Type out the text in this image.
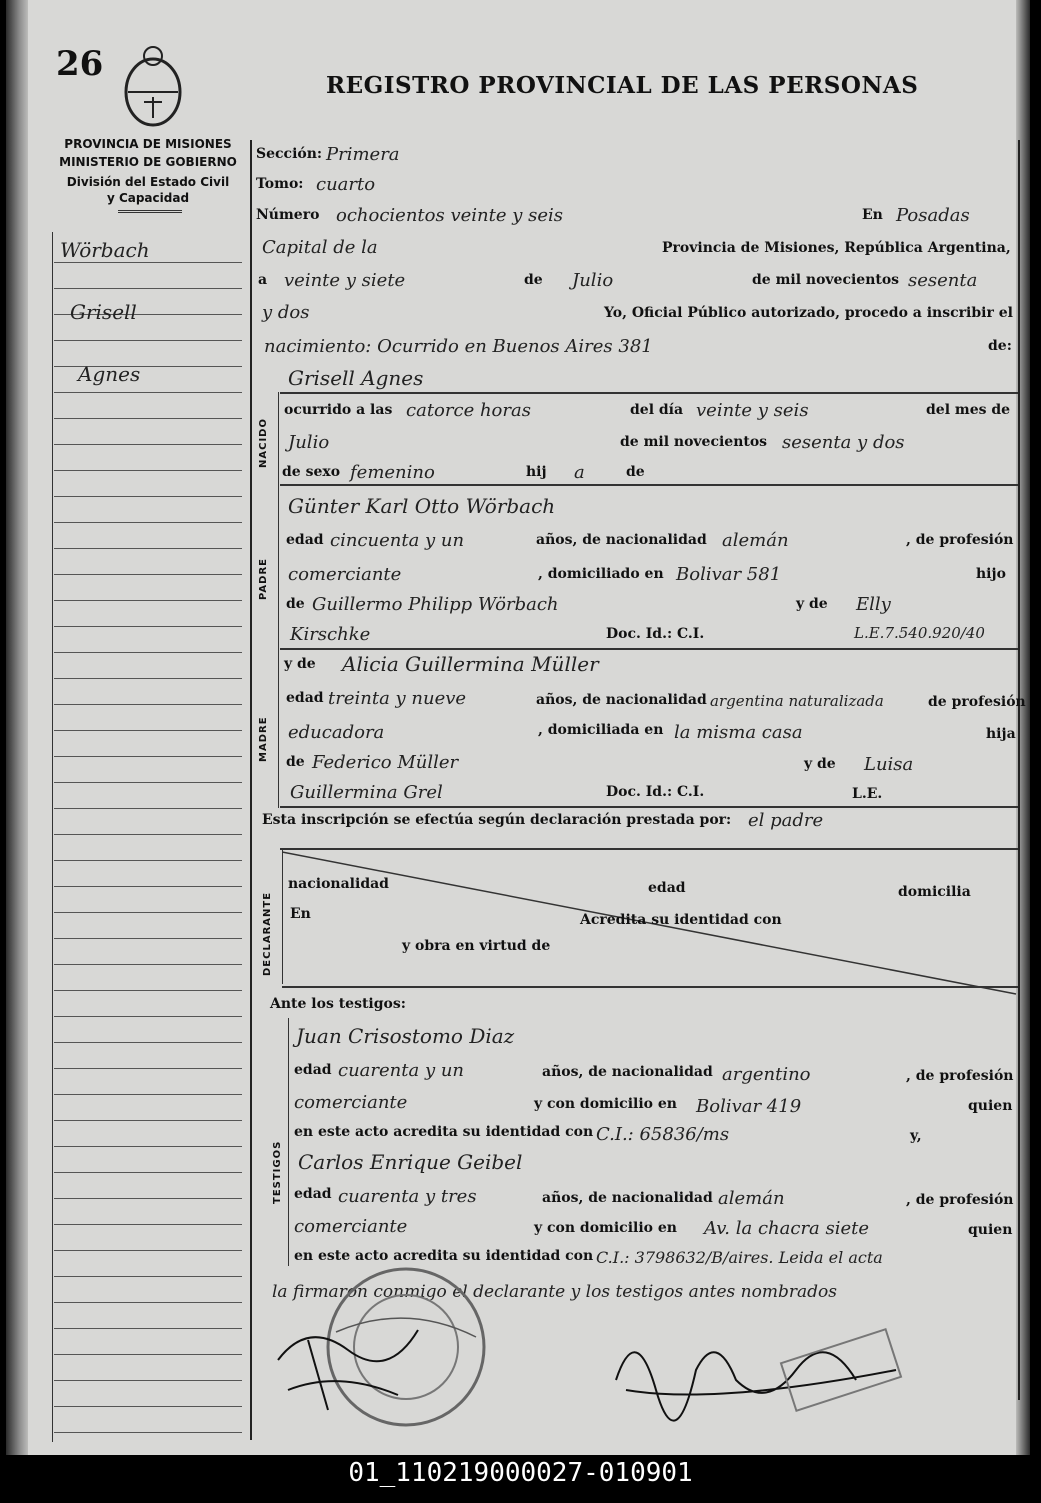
26
REGISTRO PROVINCIAL DE LAS PERSONAS
PROVINCIA DE MISIONES
MINISTERIO DE GOBIERNO
División del Estado Civil
y Capacidad
Wörbach
Grisell
Agnes
Sección: Primera
Tomo: cuarto
Número ochocientos veinte y seis	En Posadas
Capital de la	Provincia de Misiones, República Argentina,
a veinte y siete	de Julio	de mil novecientos sesenta
y dos	Yo, Oficial Público autorizado, procedo a inscribir el
nacimiento: Ocurrido en Buenos Aires 381	de:
NACIDO
Grisell Agnes
ocurrido a las catorce horas	del día veinte y seis	del mes de
Julio	de mil novecientos sesenta y dos
de sexo femenino	hij a	de
PADRE
Günter Karl Otto Wörbach
edad cincuenta y un	años, de nacionalidad alemán	, de profesión
comerciante	, domiciliado en Bolivar 581	hijo
de Guillermo Philipp Wörbach	y de Elly
Kirschke	Doc. Id.: C.I.	L.E.7.540.920/40
MADRE
y de Alicia Guillermina Müller
edad treinta y nueve	años, de nacionalidad argentina naturalizada	de profesión
educadora	, domiciliada en la misma casa	hija
de Federico Müller	y de Luisa
Guillermina Grel	Doc. Id.: C.I.	L.E.
Esta inscripción se efectúa según declaración prestada por: el padre
DECLARANTE
nacionalidad	edad	domicilia
En	Acredita su identidad con
y obra en virtud de
Ante los testigos:
TESTIGOS
Juan Crisostomo Diaz
edad cuarenta y un	años, de nacionalidad argentino	, de profesión
comerciante	y con domicilio en Bolivar 419	quien
en este acto acredita su identidad con C.I.: 65836/ms	y,
Carlos Enrique Geibel
edad cuarenta y tres	años, de nacionalidad alemán	, de profesión
comerciante	y con domicilio en Av. la chacra siete	quien
en este acto acredita su identidad con C.I.: 3798632/B/aires. Leida el acta
la firmaron conmigo el declarante y los testigos antes nombrados
01_110219000027-010901
